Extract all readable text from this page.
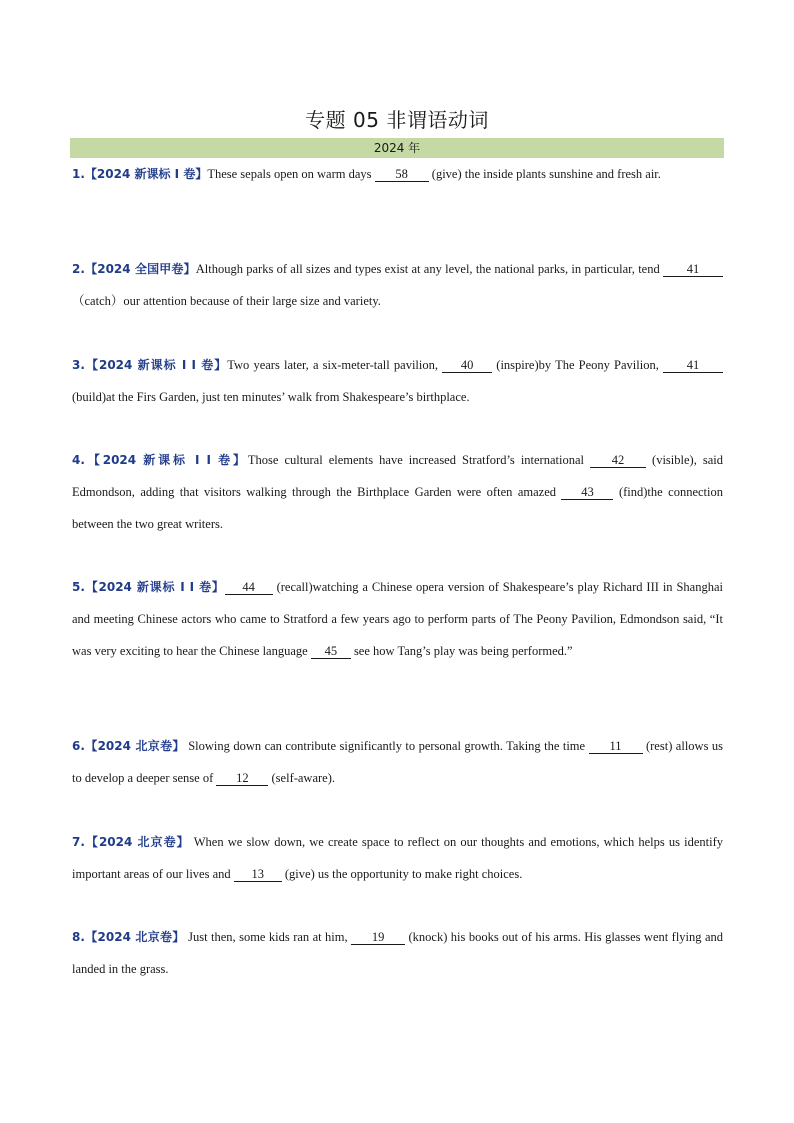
专题 05 非谓语动词
2024 年
1.【2024 新课标 I 卷】These sepals open on warm days 58 (give) the inside plants sunshine and fresh air.
2.【2024 全国甲卷】Although parks of all sizes and types exist at any level, the national parks, in particular, tend 41（catch）our attention because of their large size and variety.
3.【2024 新课标 I I 卷】Two years later, a six-meter-tall pavilion, 40 (inspire)by The Peony Pavilion, 41 (build)at the Firs Garden, just ten minutes’ walk from Shakespeare’s birthplace.
4.【2024 新课标 I I 卷】Those cultural elements have increased Stratford’s international 42 (visible), said Edmondson, adding that visitors walking through the Birthplace Garden were often amazed 43 (find)the connection between the two great writers.
5.【2024 新课标 I I 卷】 44 (recall)watching a Chinese opera version of Shakespeare’s play Richard III in Shanghai and meeting Chinese actors who came to Stratford a few years ago to perform parts of The Peony Pavilion, Edmondson said, “It was very exciting to hear the Chinese language 45 see how Tang’s play was being performed.”
6.【2024 北京卷】 Slowing down can contribute significantly to personal growth. Taking the time 11 (rest) allows us to develop a deeper sense of 12 (self-aware).
7.【2024 北京卷】 When we slow down, we create space to reflect on our thoughts and emotions, which helps us identify important areas of our lives and 13 (give) us the opportunity to make right choices.
8.【2024 北京卷】 Just then, some kids ran at him, 19 (knock) his books out of his arms. His glasses went flying and landed in the grass.
